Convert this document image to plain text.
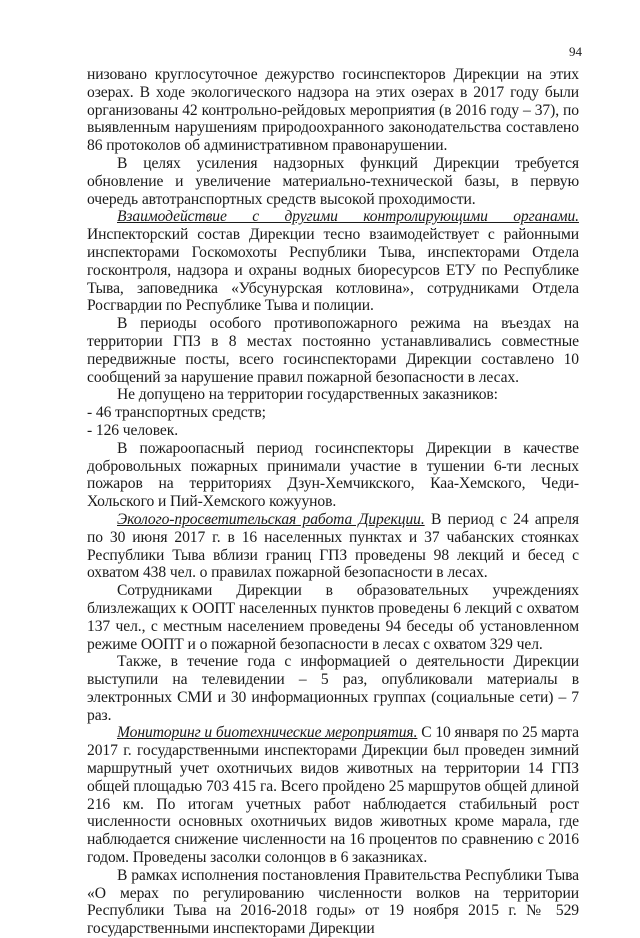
94

низовано круглосуточное дежурство госинспекторов Дирекции на этих озерах. В ходе экологического надзора на этих озерах в 2017 году были организованы 42 контрольно-рейдовых мероприятия (в 2016 году – 37), по выявленным нарушениям природоохранного законодательства составлено 86 протоколов об административном правонарушении.

В целях усиления надзорных функций Дирекции требуется обновление и увеличение материально-технической базы, в первую очередь автотранспортных средств высокой проходимости.

Взаимодействие с другими контролирующими органами. Инспекторский состав Дирекции тесно взаимодействует с районными инспекторами Госкомохоты Республики Тыва, инспекторами Отдела госконтроля, надзора и охраны водных биоресурсов ЕТУ по Республике Тыва, заповедника «Убсунурская котловина», сотрудниками Отдела Росгвардии по Республике Тыва и полиции.

В периоды особого противопожарного режима на въездах на территории ГПЗ в 8 местах постоянно устанавливались совместные передвижные посты, всего госинспекторами Дирекции составлено 10 сообщений за нарушение правил пожарной безопасности в лесах.

Не допущено на территории государственных заказников:

- 46 транспортных средств;

- 126 человек.

В пожароопасный период госинспекторы Дирекции в качестве добровольных пожарных принимали участие в тушении 6-ти лесных пожаров на территориях Дзун-Хемчикского, Каа-Хемского, Чеди-Хольского и Пий-Хемского кожуунов.

Эколого-просветительская работа Дирекции. В период с 24 апреля по 30 июня 2017 г. в 16 населенных пунктах и 37 чабанских стоянках Республики Тыва вблизи границ ГПЗ проведены 98 лекций и бесед с охватом 438 чел. о правилах пожарной безопасности в лесах.

Сотрудниками Дирекции в образовательных учреждениях близлежащих к ООПТ населенных пунктов проведены 6 лекций с охватом 137 чел., с местным населением проведены 94 беседы об установленном режиме ООПТ и о пожарной безопасности в лесах с охватом 329 чел.

Также, в течение года с информацией о деятельности Дирекции выступили на телевидении – 5 раз, опубликовали материалы в электронных СМИ и 30 информационных группах (социальные сети) – 7 раз.

Мониторинг и биотехнические мероприятия. С 10 января по 25 марта 2017 г. государственными инспекторами Дирекции был проведен зимний маршрутный учет охотничьих видов животных на территории 14 ГПЗ общей площадью 703 415 га. Всего пройдено 25 маршрутов общей длиной 216 км. По итогам учетных работ наблюдается стабильный рост численности основных охотничьих видов животных кроме марала, где наблюдается снижение численности на 16 процентов по сравнению с 2016 годом. Проведены засолки солонцов в 6 заказниках.

В рамках исполнения постановления Правительства Республики Тыва «О мерах по регулированию численности волков на территории Республики Тыва на 2016-2018 годы» от 19 ноября 2015 г. № 529 государственными инспекторами Дирекции
